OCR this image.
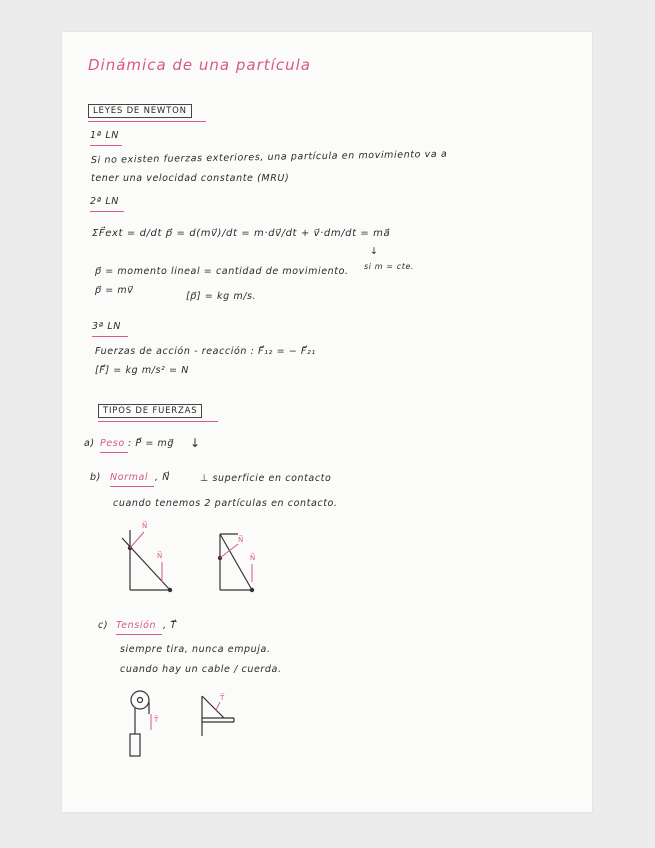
Dinámica de una partícula
LEYES DE NEWTON
1ª LN
Si no existen fuerzas exteriores, una partícula en movimiento va a
tener una velocidad constante (MRU)
2ª LN
ΣF⃗ext = d/dt p⃗ = d(mv⃗)/dt = m·dv⃗/dt + v⃗·dm/dt = ma⃗
↓
si m = cte.
p⃗ = momento lineal = cantidad de movimiento.
p⃗ = mv⃗
[p⃗] = kg m/s.
3ª LN
Fuerzas de acción - reacción : F⃗₁₂ = − F⃗₂₁
[F⃗] = kg m/s² = N
TIPOS DE FUERZAS
a) Peso : P⃗ = mg⃗ ↓
b) Normal , N⃗	⊥ superficie en contacto
cuando tenemos 2 partículas en contacto.
N⃗
N⃗
N⃗
N⃗
c) Tensión , T⃗
siempre tira, nunca empuja.
cuando hay un cable / cuerda.
T⃗
T⃗
